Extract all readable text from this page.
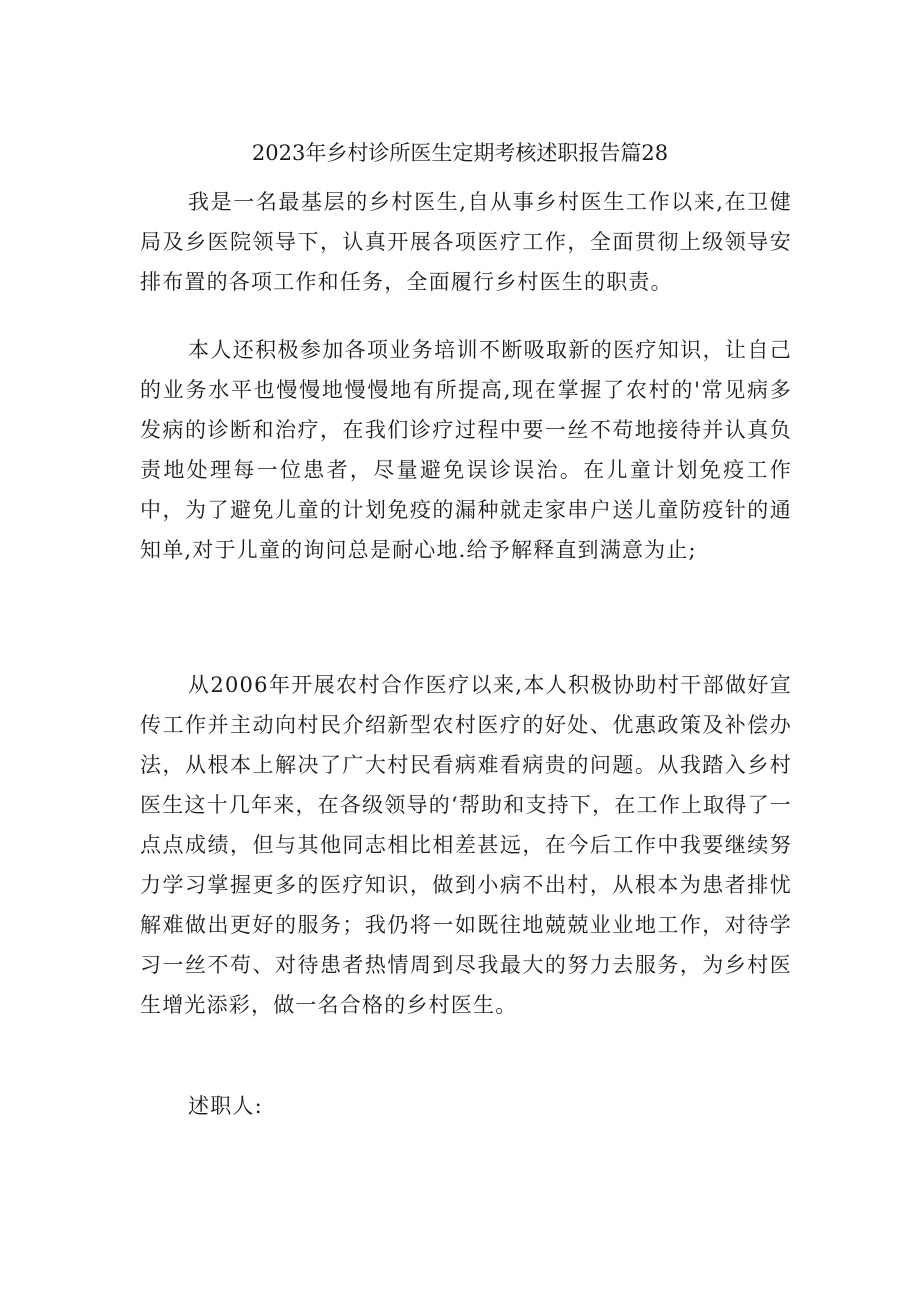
2023年乡村诊所医生定期考核述职报告篇28

我是一名最基层的乡村医生,自从事乡村医生工作以来,在卫健局及乡医院领导下，认真开展各项医疗工作，全面贯彻上级领导安排布置的各项工作和任务，全面履行乡村医生的职责。

本人还积极参加各项业务培训不断吸取新的医疗知识，让自己的业务水平也慢慢地慢慢地有所提高,现在掌握了农村的'常见病多发病的诊断和治疗，在我们诊疗过程中要一丝不苟地接待并认真负责地处理每一位患者，尽量避免误诊误治。在儿童计划免疫工作中，为了避免儿童的计划免疫的漏种就走家串户送儿童防疫针的通知单,对于儿童的询问总是耐心地.给予解释直到满意为止;

从2006年开展农村合作医疗以来,本人积极协助村干部做好宣传工作并主动向村民介绍新型农村医疗的好处、优惠政策及补偿办法，从根本上解决了广大村民看病难看病贵的问题。从我踏入乡村医生这十几年来，在各级领导的‘帮助和支持下，在工作上取得了一点点成绩，但与其他同志相比相差甚远，在今后工作中我要继续努力学习掌握更多的医疗知识，做到小病不出村，从根本为患者排忧解难做出更好的服务；我仍将一如既往地兢兢业业地工作，对待学习一丝不苟、对待患者热情周到尽我最大的努力去服务，为乡村医生增光添彩，做一名合格的乡村医生。

述职人:
